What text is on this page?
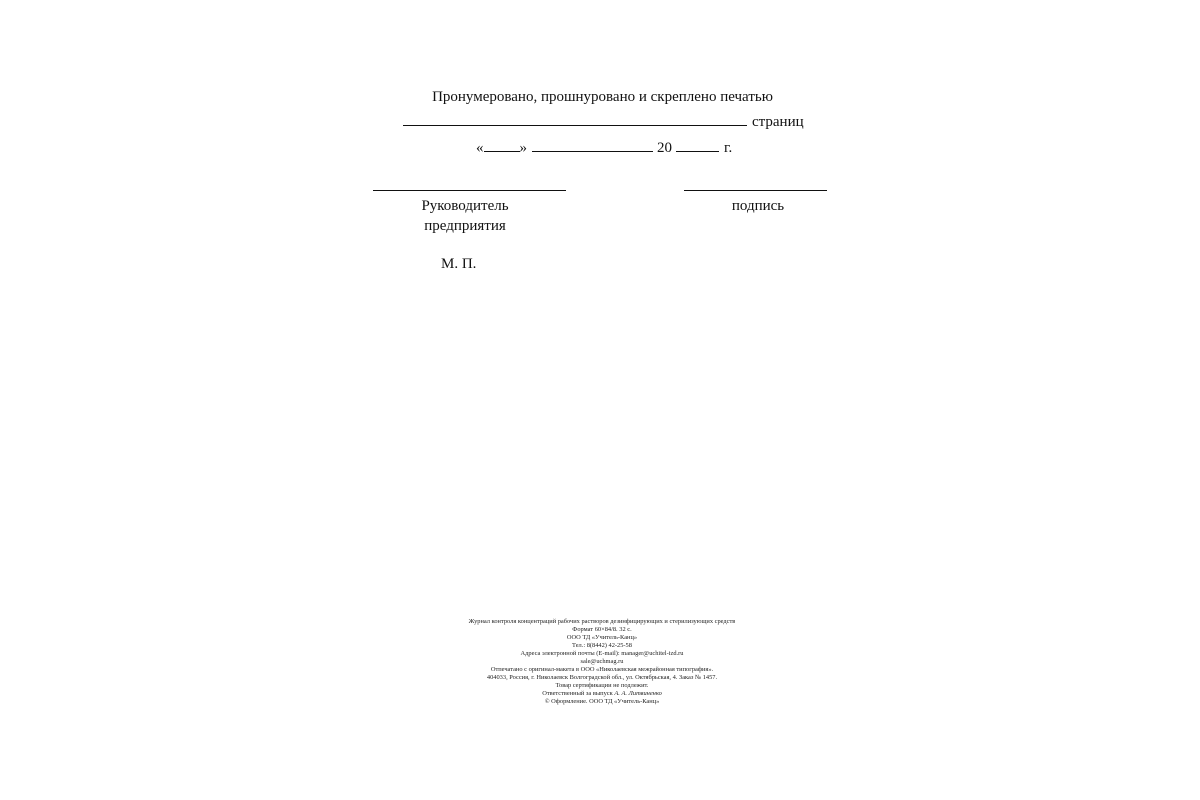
Пронумеровано, прошнуровано и скреплено печатью
страниц
« »	20	г.
Руководитель
предприятия
подпись
М. П.
Журнал контроля концентраций рабочих растворов дезинфицирующих и стерилизующих средств
Формат 60×84/8. 32 с.
ООО ТД «Учитель-Канц»
Тел.: 8(8442) 42-25-58
Адреса электронной почты (E-mail): manager@uchitel-izd.ru
sale@uchmag.ru
Отпечатано с оригинал-макета в ООО «Николаевская межрайонная типография».
404033, Россия, г. Николаевск Волгоградской обл., ул. Октябрьская, 4. Заказ № 1457.
Товар сертификации не подлежит.
Ответственный за выпуск А. А. Литвиненко
© Оформление. ООО ТД «Учитель-Канц»
